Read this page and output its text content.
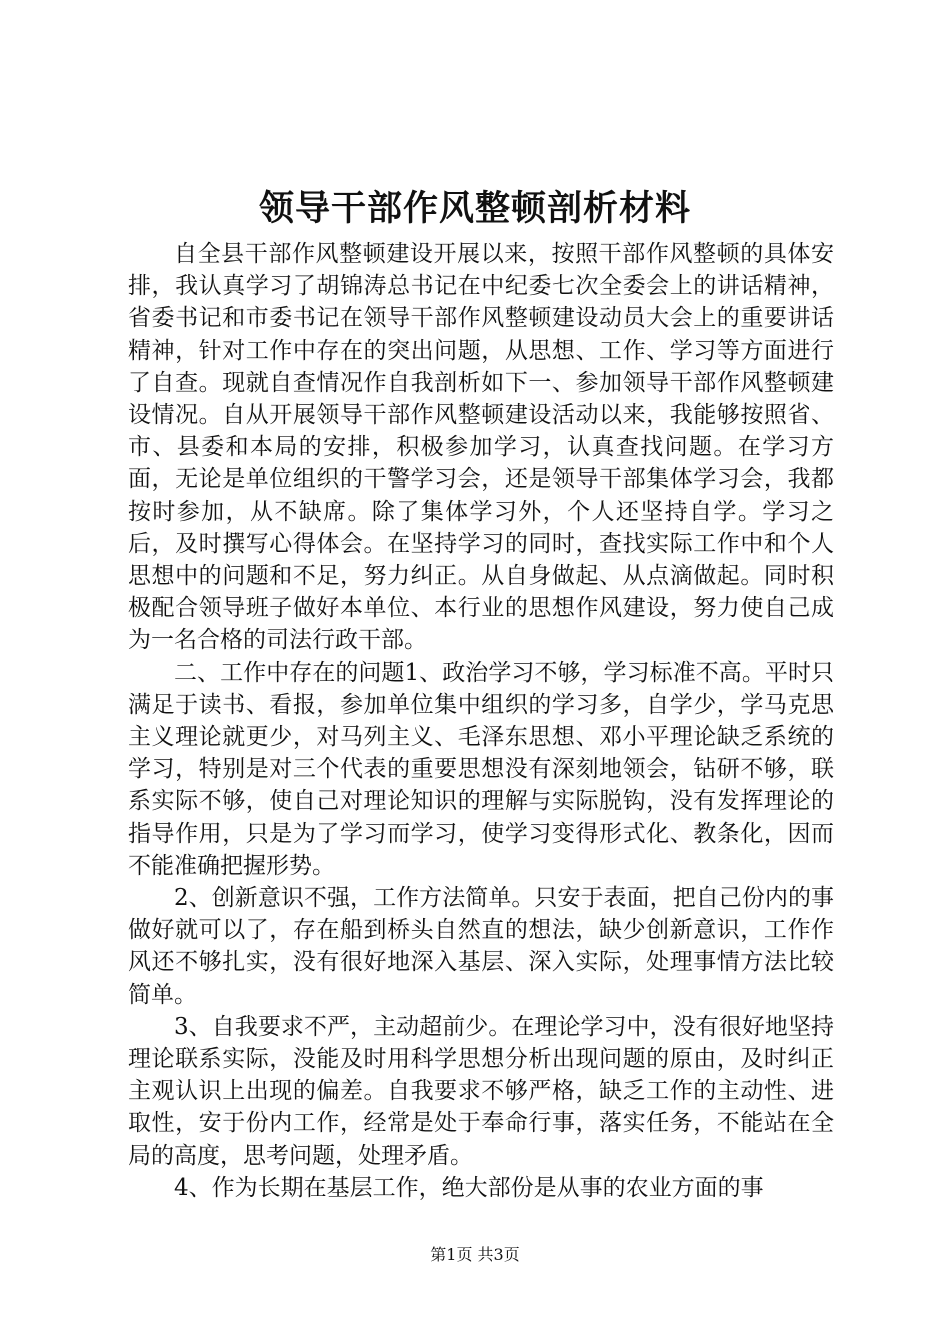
领导干部作风整顿剖析材料

自全县干部作风整顿建设开展以来，按照干部作风整顿的具体安排，我认真学习了胡锦涛总书记在中纪委七次全委会上的讲话精神，省委书记和市委书记在领导干部作风整顿建设动员大会上的重要讲话精神，针对工作中存在的突出问题，从思想、工作、学习等方面进行了自查。现就自查情况作自我剖析如下一、参加领导干部作风整顿建设情况。自从开展领导干部作风整顿建设活动以来，我能够按照省、市、县委和本局的安排，积极参加学习，认真查找问题。在学习方面，无论是单位组织的干警学习会，还是领导干部集体学习会，我都按时参加，从不缺席。除了集体学习外，个人还坚持自学。学习之后，及时撰写心得体会。在坚持学习的同时，查找实际工作中和个人思想中的问题和不足，努力纠正。从自身做起、从点滴做起。同时积极配合领导班子做好本单位、本行业的思想作风建设，努力使自己成为一名合格的司法行政干部。

二、工作中存在的问题1、政治学习不够，学习标准不高。平时只满足于读书、看报，参加单位集中组织的学习多，自学少，学马克思主义理论就更少，对马列主义、毛泽东思想、邓小平理论缺乏系统的学习，特别是对三个代表的重要思想没有深刻地领会，钻研不够，联系实际不够，使自己对理论知识的理解与实际脱钩，没有发挥理论的指导作用，只是为了学习而学习，使学习变得形式化、教条化，因而不能准确把握形势。

2、创新意识不强，工作方法简单。只安于表面，把自己份内的事做好就可以了，存在船到桥头自然直的想法，缺少创新意识，工作作风还不够扎实，没有很好地深入基层、深入实际，处理事情方法比较简单。

3、自我要求不严，主动超前少。在理论学习中，没有很好地坚持理论联系实际，没能及时用科学思想分析出现问题的原由，及时纠正主观认识上出现的偏差。自我要求不够严格，缺乏工作的主动性、进取性，安于份内工作，经常是处于奉命行事，落实任务，不能站在全局的高度，思考问题，处理矛盾。

4、作为长期在基层工作，绝大部份是从事的农业方面的事

第1页 共3页
